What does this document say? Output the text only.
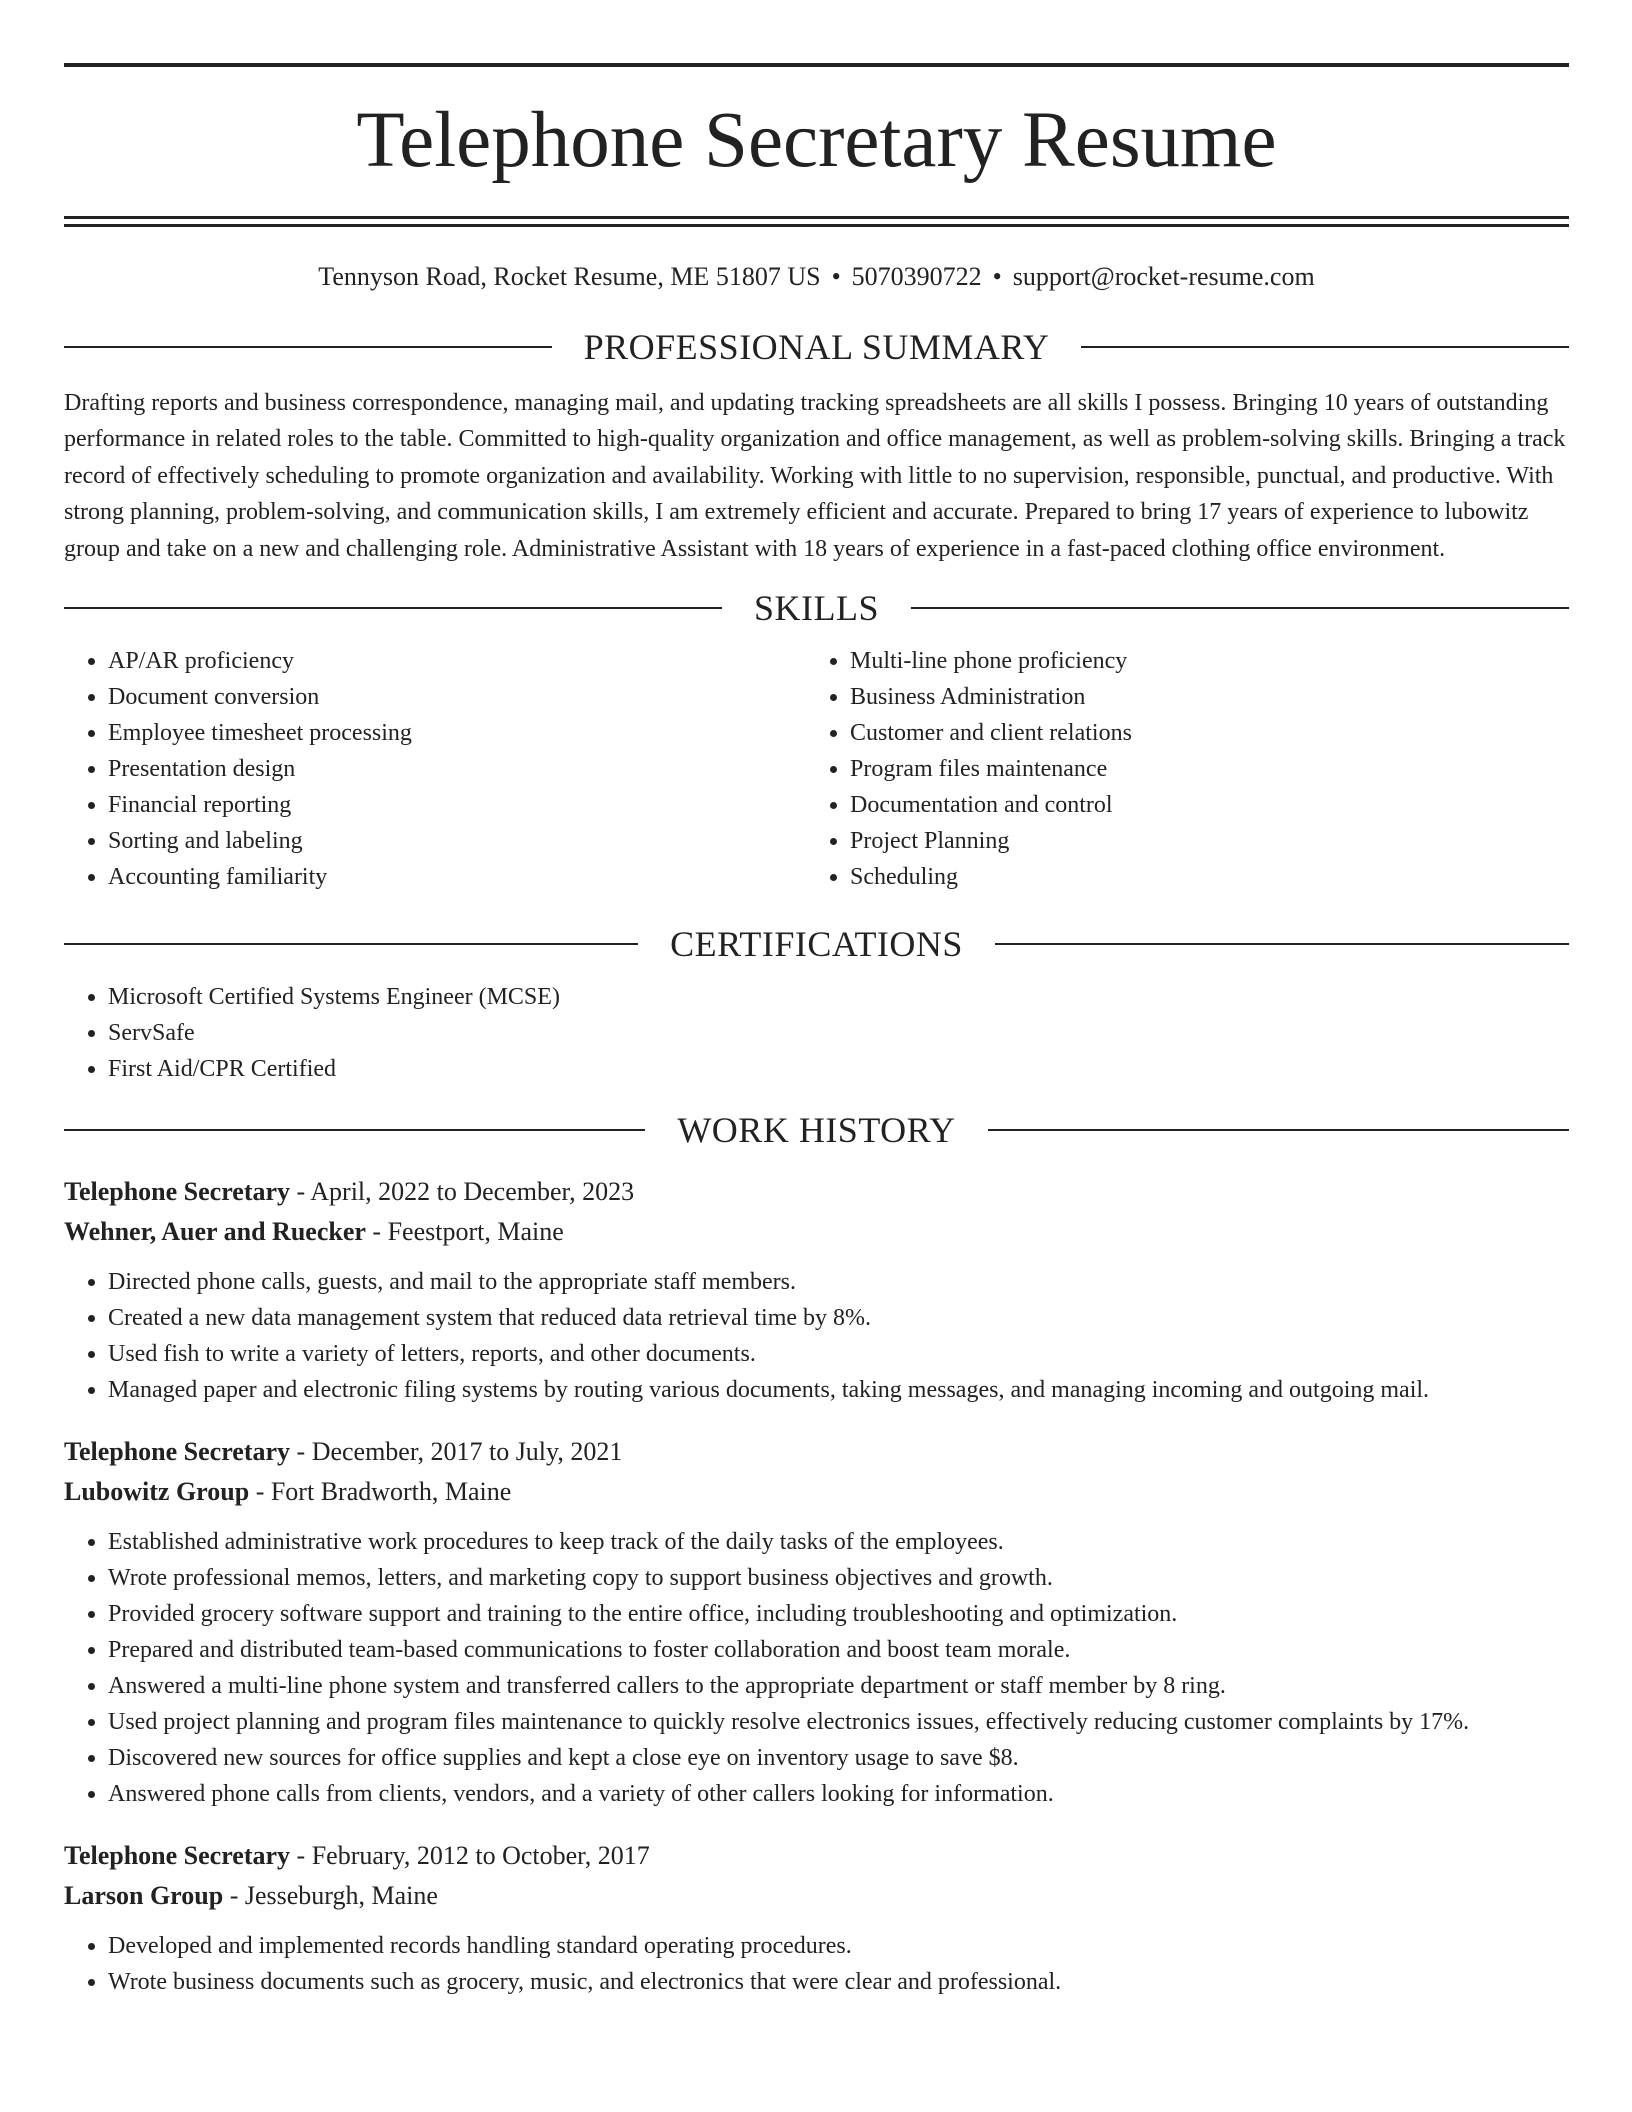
Telephone Secretary Resume
Tennyson Road, Rocket Resume, ME 51807 US • 5070390722 • support@rocket-resume.com
PROFESSIONAL SUMMARY
Drafting reports and business correspondence, managing mail, and updating tracking spreadsheets are all skills I possess. Bringing 10 years of outstanding performance in related roles to the table. Committed to high-quality organization and office management, as well as problem-solving skills. Bringing a track record of effectively scheduling to promote organization and availability. Working with little to no supervision, responsible, punctual, and productive. With strong planning, problem-solving, and communication skills, I am extremely efficient and accurate. Prepared to bring 17 years of experience to lubowitz group and take on a new and challenging role. Administrative Assistant with 18 years of experience in a fast-paced clothing office environment.
SKILLS
• AP/AR proficiency
• Document conversion
• Employee timesheet processing
• Presentation design
• Financial reporting
• Sorting and labeling
• Accounting familiarity
• Multi-line phone proficiency
• Business Administration
• Customer and client relations
• Program files maintenance
• Documentation and control
• Project Planning
• Scheduling
CERTIFICATIONS
• Microsoft Certified Systems Engineer (MCSE)
• ServSafe
• First Aid/CPR Certified
WORK HISTORY
Telephone Secretary - April, 2022 to December, 2023
Wehner, Auer and Ruecker - Feestport, Maine
• Directed phone calls, guests, and mail to the appropriate staff members.
• Created a new data management system that reduced data retrieval time by 8%.
• Used fish to write a variety of letters, reports, and other documents.
• Managed paper and electronic filing systems by routing various documents, taking messages, and managing incoming and outgoing mail.
Telephone Secretary - December, 2017 to July, 2021
Lubowitz Group - Fort Bradworth, Maine
• Established administrative work procedures to keep track of the daily tasks of the employees.
• Wrote professional memos, letters, and marketing copy to support business objectives and growth.
• Provided grocery software support and training to the entire office, including troubleshooting and optimization.
• Prepared and distributed team-based communications to foster collaboration and boost team morale.
• Answered a multi-line phone system and transferred callers to the appropriate department or staff member by 8 ring.
• Used project planning and program files maintenance to quickly resolve electronics issues, effectively reducing customer complaints by 17%.
• Discovered new sources for office supplies and kept a close eye on inventory usage to save $8.
• Answered phone calls from clients, vendors, and a variety of other callers looking for information.
Telephone Secretary - February, 2012 to October, 2017
Larson Group - Jesseburgh, Maine
• Developed and implemented records handling standard operating procedures.
• Wrote business documents such as grocery, music, and electronics that were clear and professional.
